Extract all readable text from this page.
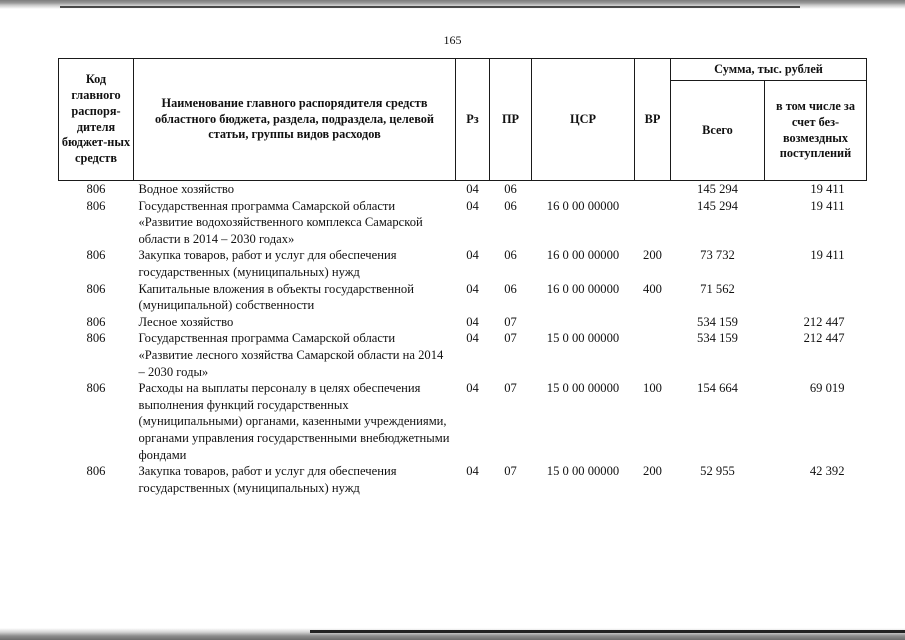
165
Код главного распоря-дителя бюджет-ных средств	Наименование главного распорядителя средств областного бюджета, раздела, подраздела, целевой статьи, группы видов расходов	Рз	ПР	ЦСР	ВР	Сумма, тыс. рублей	
						Всего	в том числе за счет без-возмездных поступлений
806	Водное хозяйство	04	06			145 294	19 411
806	Государственная программа Самарской области «Развитие водохозяйственного комплекса Самарской области в 2014 – 2030 годах»	04	06	16 0 00 00000		145 294	19 411
806	Закупка товаров, работ и услуг для обеспечения государственных (муниципальных) нужд	04	06	16 0 00 00000	200	73 732	19 411
806	Капитальные вложения в объекты государственной (муниципальной) собственности	04	06	16 0 00 00000	400	71 562	
806	Лесное хозяйство	04	07			534 159	212 447
806	Государственная программа Самарской области «Развитие лесного хозяйства Самарской области на 2014 – 2030 годы»	04	07	15 0 00 00000		534 159	212 447
806	Расходы на выплаты персоналу в целях обеспечения выполнения функций государственных (муниципальными) органами, казенными учреждениями, органами управления государственными внебюджетными фондами	04	07	15 0 00 00000	100	154 664	69 019
806	Закупка товаров, работ и услуг для обеспечения государственных (муниципальных) нужд	04	07	15 0 00 00000	200	52 955	42 392
